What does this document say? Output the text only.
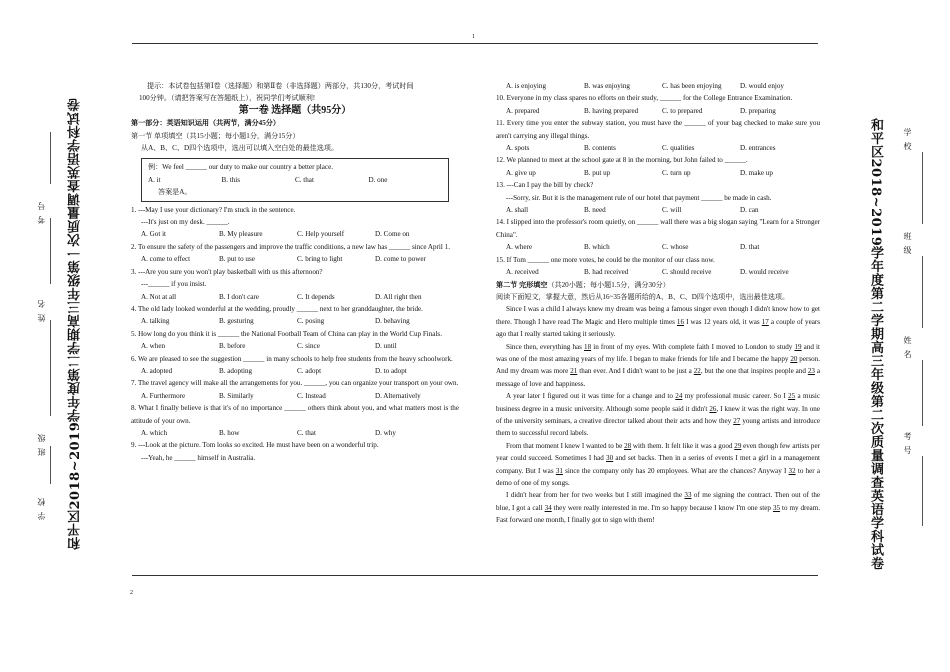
1
2
和平区2018~2019学年度第二学期高三年级第一次质量调查英语学科试卷
学校
班级
姓名
考号	和平区2018~2019学年度第二学期高三年级第二次质量调查英语学科试卷	学校
班级
姓名
考号

提示：本试卷包括第Ⅰ卷（选择题）和第Ⅱ卷（非选择题）两部分，共130分，考试时间

100分钟。（请把答案写在答题纸上），祝同学们考试顺利!

第一卷 选择题（共95分）

第一部分：英语知识运用（共两节，满分45分）

第一节 单项填空（共15小题；每小题1分，满分15分）

从A、B、C、D四个选项中，选出可以填入空白处的最佳选项。

例：We feel ______ our duty to make our country a better place.

A. it	B. this	C. that	D. one

答案是A。

1. ---May I use your dictionary? I'm stuck in the sentence.

---It's just on my desk. ______.

A. Got it	B. My pleasure	C. Help yourself	D. Come on

2. To ensure the safety of the passengers and improve the traffic conditions, a new law has ______ since April 1.

A. come to effect	B. put to use	C. bring to light	D. come to power

3. ---Are you sure you won't play basketball with us this afternoon?

---______ if you insist.

A. Not at all	B. I don't care	C. It depends	D. All right then

4. The old lady looked wonderful at the wedding, proudly ______ next to her granddaughter, the bride.

A. talking	B. gesturing	C. posing	D. behaving

5. How long do you think it is ______ the National Football Team of China can play in the World Cup Finals.

A. when	B. before	C. since	D. until

6. We are pleased to see the suggestion ______ in many schools to help free students from the heavy schoolwork.

A. adopted	B. adopting	C. adopt	D. to adopt

7. The travel agency will make all the arrangements for you. ______, you can organize your transport on your own.

A. Furthermore	B. Similarly	C. Instead	D. Alternatively

8. What I finally believe is that it's of no importance ______ others think about you, and what matters most is the attitude of your own.

A. which	B. how	C. that	D. why

9. ---Look at the picture. Tom looks so excited. He must have been on a wonderful trip.

---Yeah, he ______ himself in Australia.

A. is enjoying	B. was enjoying	C. has been enjoying	D. would enjoy

10. Everyone in my class spares no efforts on their study, ______ for the College Entrance Examination.

A. prepared	B. having prepared	C. to prepared	D. preparing

11. Every time you enter the subway station, you must have the ______ of your bag checked to make sure you aren't carrying any illegal things.

A. spots	B. contents	C. qualities	D. entrances

12. We planned to meet at the school gate at 8 in the morning, but John failed to ______.

A. give up	B. put up	C. turn up	D. make up

13. ---Can I pay the bill by check?

---Sorry, sir. But it is the management rule of our hotel that payment ______ be made in cash.

A. shall	B. need	C. will	D. can

14. I slipped into the professor's room quietly, on ______ wall there was a big slogan saying "Learn for a Stronger China".

A. where	B. which	C. whose	D. that

15. If Tom ______ one more votes, he could be the monitor of our class now.

A. received	B. had received	C. should receive	D. would receive

第二节 完形填空（共20小题；每小题1.5分，满分30分）

阅读下面短文，掌握大意，然后从16~35各题所给的A、B、C、D四个选项中，选出最佳选项。

Since I was a child I always knew my dream was being a famous singer even though I didn't know how to get there. Though I have read The Magic and Hero multiple times 16 I was 12 years old, it was 17 a couple of years ago that I really started taking it seriously.

Since then, everything has 18 in front of my eyes. With complete faith I moved to London to study 19 and it was one of the most amazing years of my life. I began to make friends for life and I became the happy 20 person. And my dream was more 21 than ever. And I didn't want to be just a 22, but the one that inspires people and 23 a message of love and happiness.

A year later I figured out it was time for a change and to 24 my professional music career. So I 25 a music business degree in a music university. Although some people said it didn't 26, I knew it was the right way. In one of the university seminars, a creative director talked about their acts and how they 27 young artists and introduce them to successful record labels.

From that moment I knew I wanted to be 28 with them. It felt like it was a good 29 even though few artists per year could succeed. Sometimes I had 30 and set backs. Then in a series of events I met a girl in a management company. But I was 31 since the company only has 20 employees. What are the chances? Anyway I 32 to her a demo of one of my songs.

I didn't hear from her for two weeks but I still imagined the 33 of me signing the contract. Then out of the blue, I got a call 34 they were really interested in me. I'm so happy because I know I'm one step 35 to my dream. Fast forward one month, I finally got to sign with them!
